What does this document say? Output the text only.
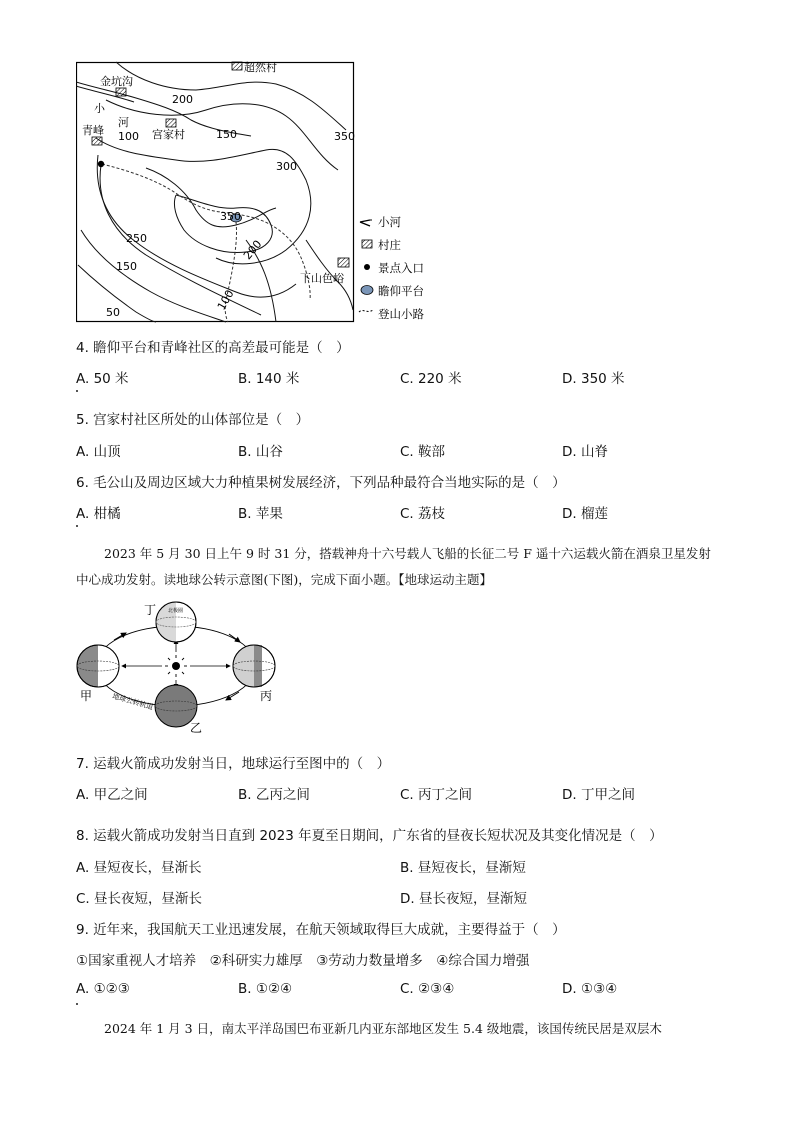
超然村
金坑沟
青峰	宫家村
下山色峪
小
河
200
100	150	350
300
350
250	200
150
100
50
小河
村庄
景点入口
瞻仰平台
登山小路
4. 瞻仰平台和青峰社区的高差最可能是（　）
A. 50 米	B. 140 米	C. 220 米	D. 350 米
5. 宫家村社区所处的山体部位是（　）
A. 山顶	B. 山谷	C. 鞍部	D. 山脊
6. 毛公山及周边区域大力种植果树发展经济，下列品种最符合当地实际的是（　）
A. 柑橘	B. 苹果	C. 荔枝	D. 榴莲
2023 年 5 月 30 日上午 9 时 31 分，搭载神舟十六号载人飞船的长征二号 F 遥十六运载火箭在酒泉卫星发射中心成功发射。读地球公转示意图(下图)，完成下面小题。【地球运动主题】
北极圈
地球公转轨道
丁
甲
乙
丙
7. 运载火箭成功发射当日，地球运行至图中的（　）
A. 甲乙之间	B. 乙丙之间	C. 丙丁之间	D. 丁甲之间
8. 运载火箭成功发射当日直到 2023 年夏至日期间，广东省的昼夜长短状况及其变化情况是（　）
A. 昼短夜长，昼渐长	B. 昼短夜长，昼渐短
C. 昼长夜短，昼渐长	D. 昼长夜短，昼渐短
9. 近年来，我国航天工业迅速发展，在航天领域取得巨大成就，主要得益于（　）
①国家重视人才培养　②科研实力雄厚　③劳动力数量增多　④综合国力增强
A. ①②③	B. ①②④	C. ②③④	D. ①③④
2024 年 1 月 3 日，南太平洋岛国巴布亚新几内亚东部地区发生 5.4 级地震，该国传统民居是双层木
